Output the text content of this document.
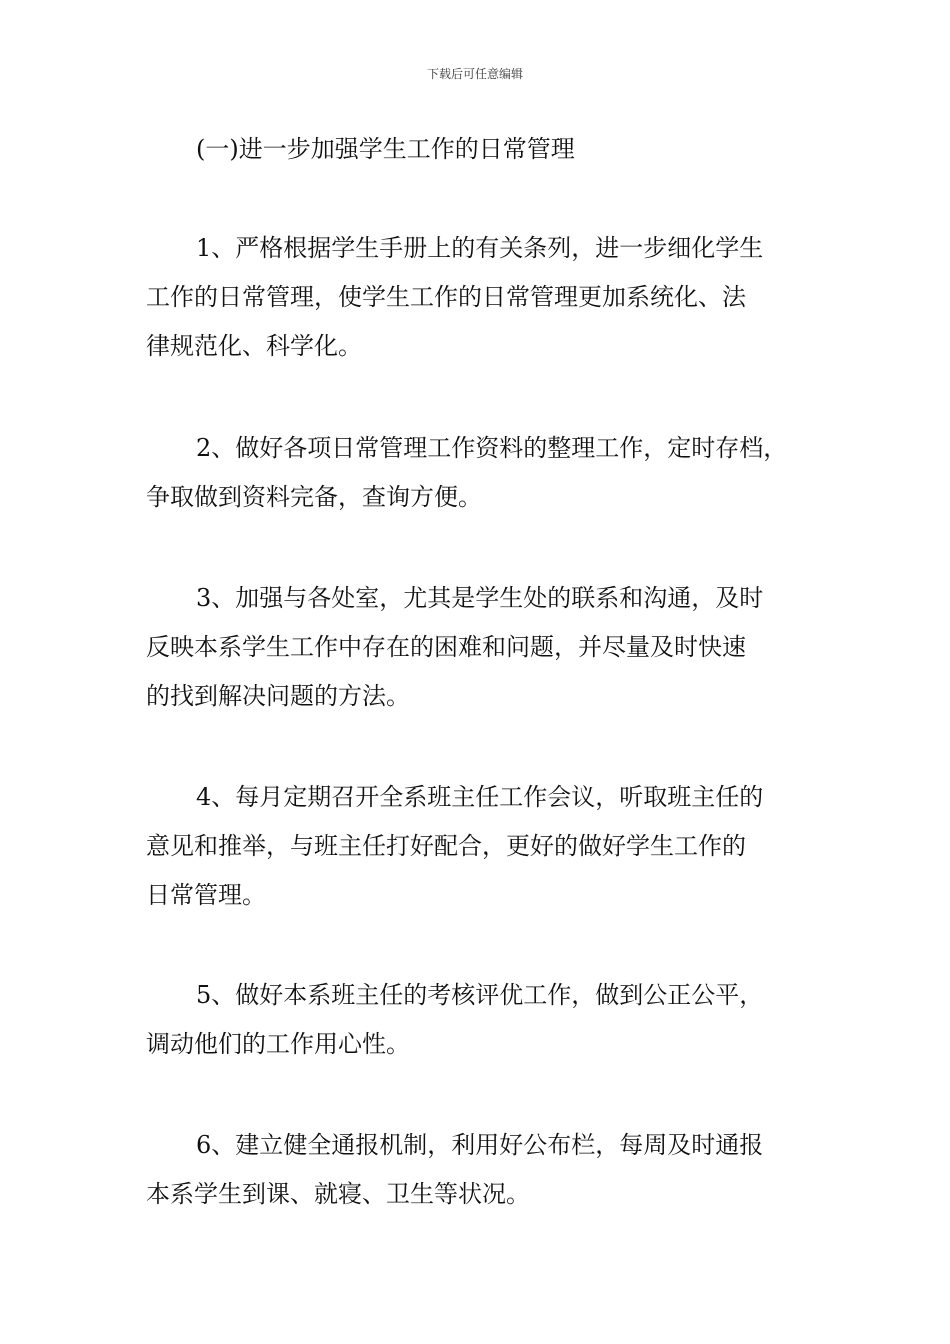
下载后可任意编辑
(一)进一步加强学生工作的日常管理

1、严格根据学生手册上的有关条列，进一步细化学生
工作的日常管理，使学生工作的日常管理更加系统化、法
律规范化、科学化。

2、做好各项日常管理工作资料的整理工作，定时存档，
争取做到资料完备，查询方便。

3、加强与各处室，尤其是学生处的联系和沟通，及时
反映本系学生工作中存在的困难和问题，并尽量及时快速
的找到解决问题的方法。

4、每月定期召开全系班主任工作会议，听取班主任的
意见和推举，与班主任打好配合，更好的做好学生工作的
日常管理。

5、做好本系班主任的考核评优工作，做到公正公平，
调动他们的工作用心性。

6、建立健全通报机制，利用好公布栏，每周及时通报
本系学生到课、就寝、卫生等状况。
